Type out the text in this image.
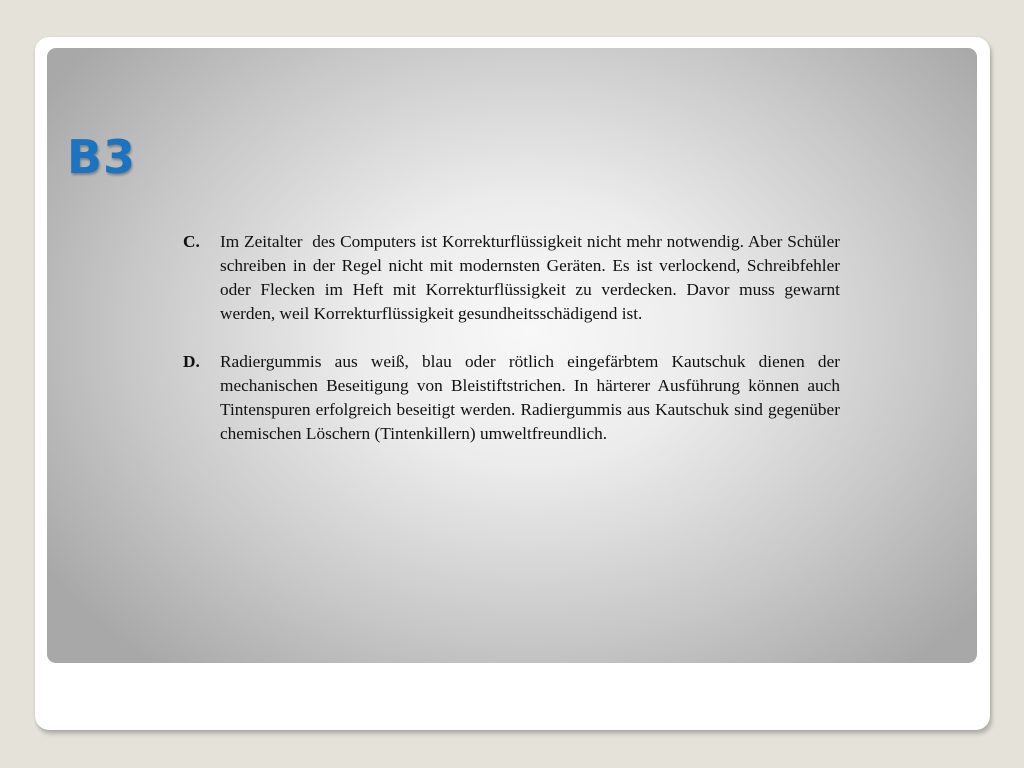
B3
C.	Im Zeitalter  des Computers ist Korrekturflüssigkeit nicht mehr notwendig. Aber Schüler schreiben in der Regel nicht mit modernsten Geräten. Es ist verlockend, Schreibfehler oder Flecken im Heft mit Korrekturflüssigkeit zu verdecken. Davor muss gewarnt werden, weil Korrekturflüssigkeit gesundheitsschädigend ist.
D.	Radiergummis aus weiß, blau oder rötlich eingefärbtem Kautschuk dienen der mechanischen Beseitigung von Bleistiftstrichen. In härterer Ausführung können auch Tintenspuren erfolgreich beseitigt werden. Radiergummis aus Kautschuk sind gegenüber chemischen Löschern (Tintenkillern) umweltfreundlich.
